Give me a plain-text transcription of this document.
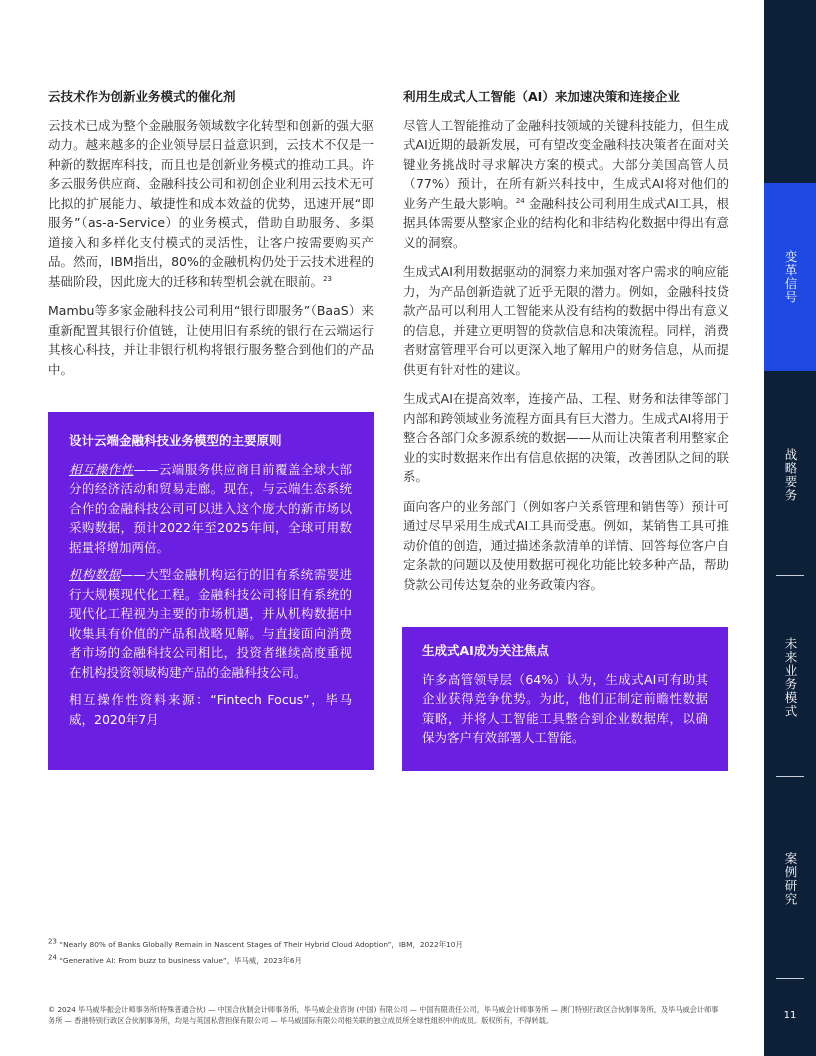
云技术作为创新业务模式的催化剂

云技术已成为整个金融服务领域数字化转型和创新的强大驱动力。越来越多的企业领导层日益意识到，云技术不仅是一种新的数据库科技，而且也是创新业务模式的推动工具。许多云服务供应商、金融科技公司和初创企业利用云技术无可比拟的扩展能力、敏捷性和成本效益的优势，迅速开展“即服务”（as-a-Service）的业务模式，借助自助服务、多渠道接入和多样化支付模式的灵活性，让客户按需要购买产品。然而，IBM指出，80%的金融机构仍处于云技术进程的基础阶段，因此庞大的迁移和转型机会就在眼前。$^{23}$

Mambu等多家金融科技公司利用“银行即服务”（BaaS）来重新配置其银行价值链，让使用旧有系统的银行在云端运行其核心科技，并让非银行机构将银行服务整合到他们的产品中。

设计云端金融科技业务模型的主要原则

相互操作性——云端服务供应商目前覆盖全球大部分的经济活动和贸易走廊。现在，与云端生态系统合作的金融科技公司可以进入这个庞大的新市场以采购数据，预计2022年至2025年间，全球可用数据量将增加两倍。

机构数据——大型金融机构运行的旧有系统需要进行大规模现代化工程。金融科技公司将旧有系统的现代化工程视为主要的市场机遇，并从机构数据中收集具有价值的产品和战略见解。与直接面向消费者市场的金融科技公司相比，投资者继续高度重视在机构投资领域构建产品的金融科技公司。

相互操作性资料来源：“Fintech Focus”，毕马威，2020年7月

利用生成式人工智能（AI）来加速决策和连接企业

尽管人工智能推动了金融科技领域的关键科技能力，但生成式AI近期的最新发展，可有望改变金融科技决策者在面对关键业务挑战时寻求解决方案的模式。大部分美国高管人员（77%）预计，在所有新兴科技中，生成式AI将对他们的业务产生最大影响。$^{24}$ 金融科技公司利用生成式AI工具，根据具体需要从整家企业的结构化和非结构化数据中得出有意义的洞察。

生成式AI利用数据驱动的洞察力来加强对客户需求的响应能力，为产品创新造就了近乎无限的潜力。例如，金融科技贷款产品可以利用人工智能来从没有结构的数据中得出有意义的信息，并建立更明智的贷款信息和决策流程。同样，消费者财富管理平台可以更深入地了解用户的财务信息，从而提供更有针对性的建议。

生成式AI在提高效率，连接产品、工程、财务和法律等部门内部和跨领域业务流程方面具有巨大潜力。生成式AI将用于整合各部门众多源系统的数据——从而让决策者利用整家企业的实时数据来作出有信息依据的决策，改善团队之间的联系。

面向客户的业务部门（例如客户关系管理和销售等）预计可通过尽早采用生成式AI工具而受惠。例如，某销售工具可推动价值的创造，通过描述条款清单的详情、回答每位客户自定条款的问题以及使用数据可视化功能比较多种产品，帮助贷款公司传达复杂的业务政策内容。

生成式AI成为关注焦点

许多高管领导层（64%）认为，生成式AI可有助其企业获得竞争优势。为此，他们正制定前瞻性数据策略，并将人工智能工具整合到企业数据库，以确保为客户有效部署人工智能。

$^{23}$ “Nearly 80% of Banks Globally Remain in Nascent Stages of Their Hybrid Cloud Adoption”，IBM，2022年10月
$^{24}$ “Generative AI: From buzz to business value”，毕马威，2023年6月
© 2024 毕马威华振会计师事务所(特殊普通合伙) — 中国合伙制会计师事务所，毕马威企业咨询 (中国) 有限公司 — 中国有限责任公司，毕马威会计师事务所 — 澳门特别行政区合伙制事务所，及毕马威会计师事务所 — 香港特别行政区合伙制事务所，均是与英国私营担保有限公司 — 毕马威国际有限公司相关联的独立成员所全球性组织中的成员。版权所有，不得转载。
变革信号
战略要务
未来业务模式
案例研究
11
